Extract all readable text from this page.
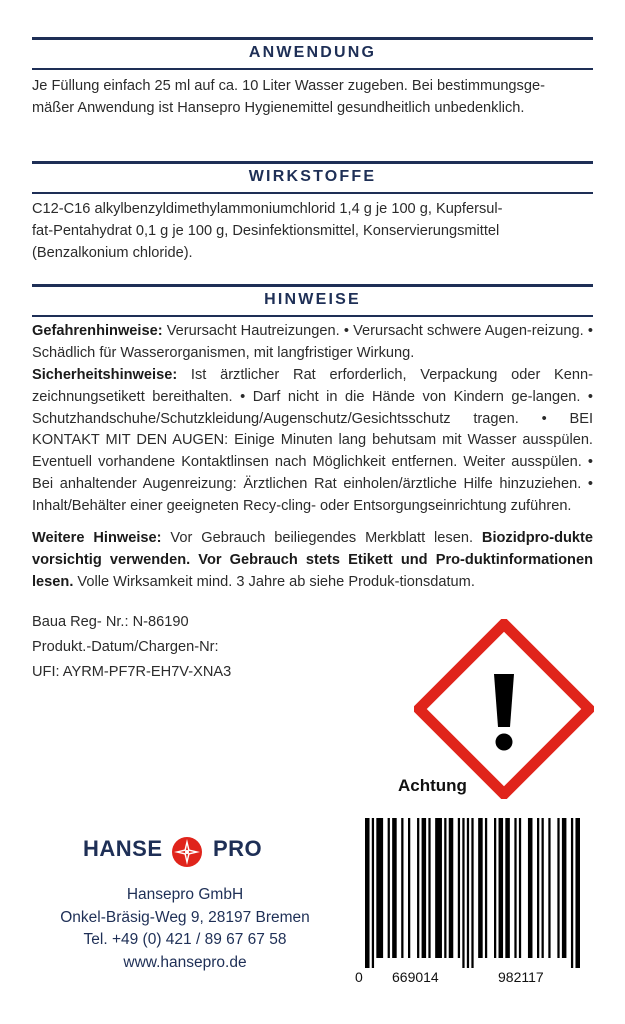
ANWENDUNG

Je Füllung einfach 25 ml auf ca. 10 Liter Wasser zugeben. Bei bestimmungsge-
mäßer Anwendung ist Hansepro Hygienemittel gesundheitlich unbedenklich.

WIRKSTOFFE

C12-C16 alkylbenzyldimethylammoniumchlorid 1,4 g je 100 g, Kupfersul-
fat-Pentahydrat 0,1 g je 100 g, Desinfektionsmittel, Konservierungsmittel
(Benzalkonium chloride).

HINWEISE

Gefahrenhinweise: Verursacht Hautreizungen. • Verursacht schwere Augen-reizung. • Schädlich für Wasserorganismen, mit langfristiger Wirkung.

Sicherheitshinweise: Ist ärztlicher Rat erforderlich, Verpackung oder Kenn-zeichnungsetikett bereithalten. • Darf nicht in die Hände von Kindern ge-langen. • Schutzhandschuhe/Schutzkleidung/Augenschutz/Gesichtsschutz tragen. • BEI KONTAKT MIT DEN AUGEN: Einige Minuten lang behutsam mit Wasser ausspülen. Eventuell vorhandene Kontaktlinsen nach Möglichkeit entfernen. Weiter ausspülen. • Bei anhaltender Augenreizung: Ärztlichen Rat einholen/ärztliche Hilfe hinzuziehen. • Inhalt/Behälter einer geeigneten Recy-cling- oder Entsorgungseinrichtung zuführen.

Weitere Hinweise: Vor Gebrauch beiliegendes Merkblatt lesen. Biozidpro-dukte vorsichtig verwenden. Vor Gebrauch stets Etikett und Pro-duktinformationen lesen. Volle Wirksamkeit mind. 3 Jahre ab siehe Produk-tionsdatum.

Baua Reg- Nr.: N-86190

Produkt.-Datum/Chargen-Nr:

UFI: AYRM-PF7R-EH7V-XNA3

Achtung
HANSE PRO
Hansepro GmbH
Onkel-Bräsig-Weg 9, 28197 Bremen
Tel. +49 (0) 421 / 89 67 67 58
www.hansepro.de
0 669014	982117
